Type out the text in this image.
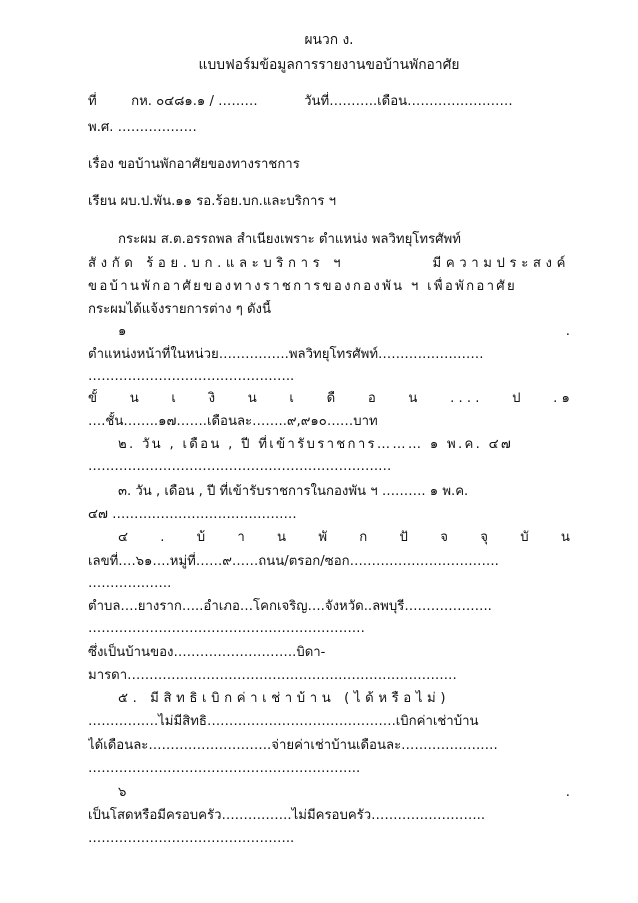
ผนวก ง.
แบบฟอร์มข้อมูลการรายงานขอบ้านพักอาศัย
ที่	กห. ๐๔๘๑.๑ / ………	วันที่………..เดือน……………………
พ.ศ. ………………
เรื่อง ขอบ้านพักอาศัยของทางราชการ
เรียน ผบ.ป.พัน.๑๑ รอ.ร้อย.บก.และบริการ ฯ
กระผม ส.ต.อรรถพล สำเนียงเพราะ ตำแหน่ง พลวิทยุโทรศัพท์
สังกัด ร้อย.บก.และบริการ ฯ	มีความประสงค์
ขอบ้านพักอาศัยของทางราชการของกองพัน ฯ เพื่อพักอาศัย
กระผมได้แจ้งรายการต่าง ๆ ดังนี้
๑	.
ตำแหน่งหน้าที่ในหน่วย…………….พลวิทยุโทรศัพท์……………………
………………………………………..
ขั้ น เ งิ น เ ดื อ น . . . . ป . ๑
….ชั้น……..๑๗…….เดือนละ……..๙,๙๑๐……บาท
๒. วัน , เดือน , ปี ที่เข้ารับราชการ……… ๑ พ.ค. ๔๗
……………………………………………………………
๓. วัน , เดือน , ปี ที่เข้ารับราชการในกองพัน ฯ ………. ๑ พ.ค.
๔๗ ……………………………………
๔ . บ้ า น พั ก ปั จ จุ บั น
เลขที่….๖๑….หมู่ที่……๙……ถนน/ตรอก/ซอก…………………………….
……………….
ตำบล….ยางราก…..อำเภอ…โคกเจริญ….จังหวัด..ลพบุรี………………..
………………………………………………………
ซึ่งเป็นบ้านของ……………………….บิดา-
มารดา…………………………………………………………………
๕. มีสิทธิเบิกค่าเช่าบ้าน (ได้หรือไม่)
…………….ไม่มีสิทธิ…………………………………….เบิกค่าเช่าบ้าน
ได้เดือนละ……………………….จ่ายค่าเช่าบ้านเดือนละ………………….
……………………………………………………..
๖	.
เป็นโสดหรือมีครอบครัว…………….ไม่มีครอบครัว……………………..
………………………………………..
